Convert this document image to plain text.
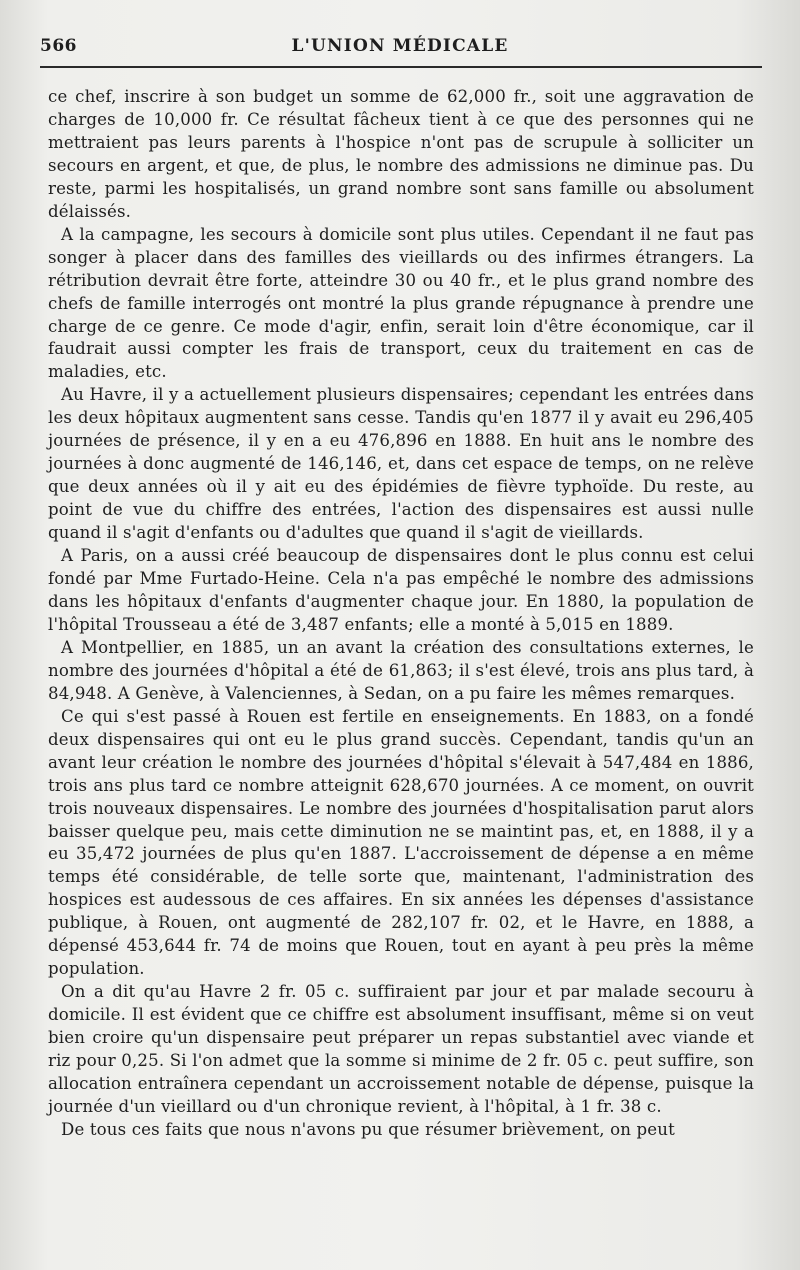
566	L'UNION MÉDICALE

ce chef, inscrire à son budget un somme de 62,000 fr., soit une aggravation de charges de 10,000 fr. Ce résultat fâcheux tient à ce que des personnes qui ne mettraient pas leurs parents à l'hospice n'ont pas de scrupule à solliciter un secours en argent, et que, de plus, le nombre des admissions ne diminue pas. Du reste, parmi les hospitalisés, un grand nombre sont sans famille ou absolument délaissés.

A la campagne, les secours à domicile sont plus utiles. Cependant il ne faut pas songer à placer dans des familles des vieillards ou des infirmes étrangers. La rétribution devrait être forte, atteindre 30 ou 40 fr., et le plus grand nombre des chefs de famille interrogés ont montré la plus grande répugnance à prendre une charge de ce genre. Ce mode d'agir, enfin, serait loin d'être économique, car il faudrait aussi compter les frais de transport, ceux du traitement en cas de maladies, etc.

Au Havre, il y a actuellement plusieurs dispensaires; cependant les entrées dans les deux hôpitaux augmentent sans cesse. Tandis qu'en 1877 il y avait eu 296,405 journées de présence, il y en a eu 476,896 en 1888. En huit ans le nombre des journées à donc augmenté de 146,146, et, dans cet espace de temps, on ne relève que deux années où il y ait eu des épidémies de fièvre typhoïde. Du reste, au point de vue du chiffre des entrées, l'action des dispensaires est aussi nulle quand il s'agit d'enfants ou d'adultes que quand il s'agit de vieillards.

A Paris, on a aussi créé beaucoup de dispensaires dont le plus connu est celui fondé par Mme Furtado-Heine. Cela n'a pas empêché le nombre des admissions dans les hôpitaux d'enfants d'augmenter chaque jour. En 1880, la population de l'hôpital Trousseau a été de 3,487 enfants; elle a monté à 5,015 en 1889.

A Montpellier, en 1885, un an avant la création des consultations externes, le nombre des journées d'hôpital a été de 61,863; il s'est élevé, trois ans plus tard, à 84,948. A Genève, à Valenciennes, à Sedan, on a pu faire les mêmes remarques.

Ce qui s'est passé à Rouen est fertile en enseignements. En 1883, on a fondé deux dispensaires qui ont eu le plus grand succès. Cependant, tandis qu'un an avant leur création le nombre des journées d'hôpital s'élevait à 547,484 en 1886, trois ans plus tard ce nombre atteignit 628,670 journées. A ce moment, on ouvrit trois nouveaux dispensaires. Le nombre des journées d'hospitalisation parut alors baisser quelque peu, mais cette diminution ne se maintint pas, et, en 1888, il y a eu 35,472 journées de plus qu'en 1887. L'accroissement de dépense a en même temps été considérable, de telle sorte que, maintenant, l'administration des hospices est audessous de ces affaires. En six années les dépenses d'assistance publique, à Rouen, ont augmenté de 282,107 fr. 02, et le Havre, en 1888, a dépensé 453,644 fr. 74 de moins que Rouen, tout en ayant à peu près la même population.

On a dit qu'au Havre 2 fr. 05 c. suffiraient par jour et par malade secouru à domicile. Il est évident que ce chiffre est absolument insuffisant, même si on veut bien croire qu'un dispensaire peut préparer un repas substantiel avec viande et riz pour 0,25. Si l'on admet que la somme si minime de 2 fr. 05 c. peut suffire, son allocation entraînera cependant un accroissement notable de dépense, puisque la journée d'un vieillard ou d'un chronique revient, à l'hôpital, à 1 fr. 38 c.

De tous ces faits que nous n'avons pu que résumer brièvement, on peut
